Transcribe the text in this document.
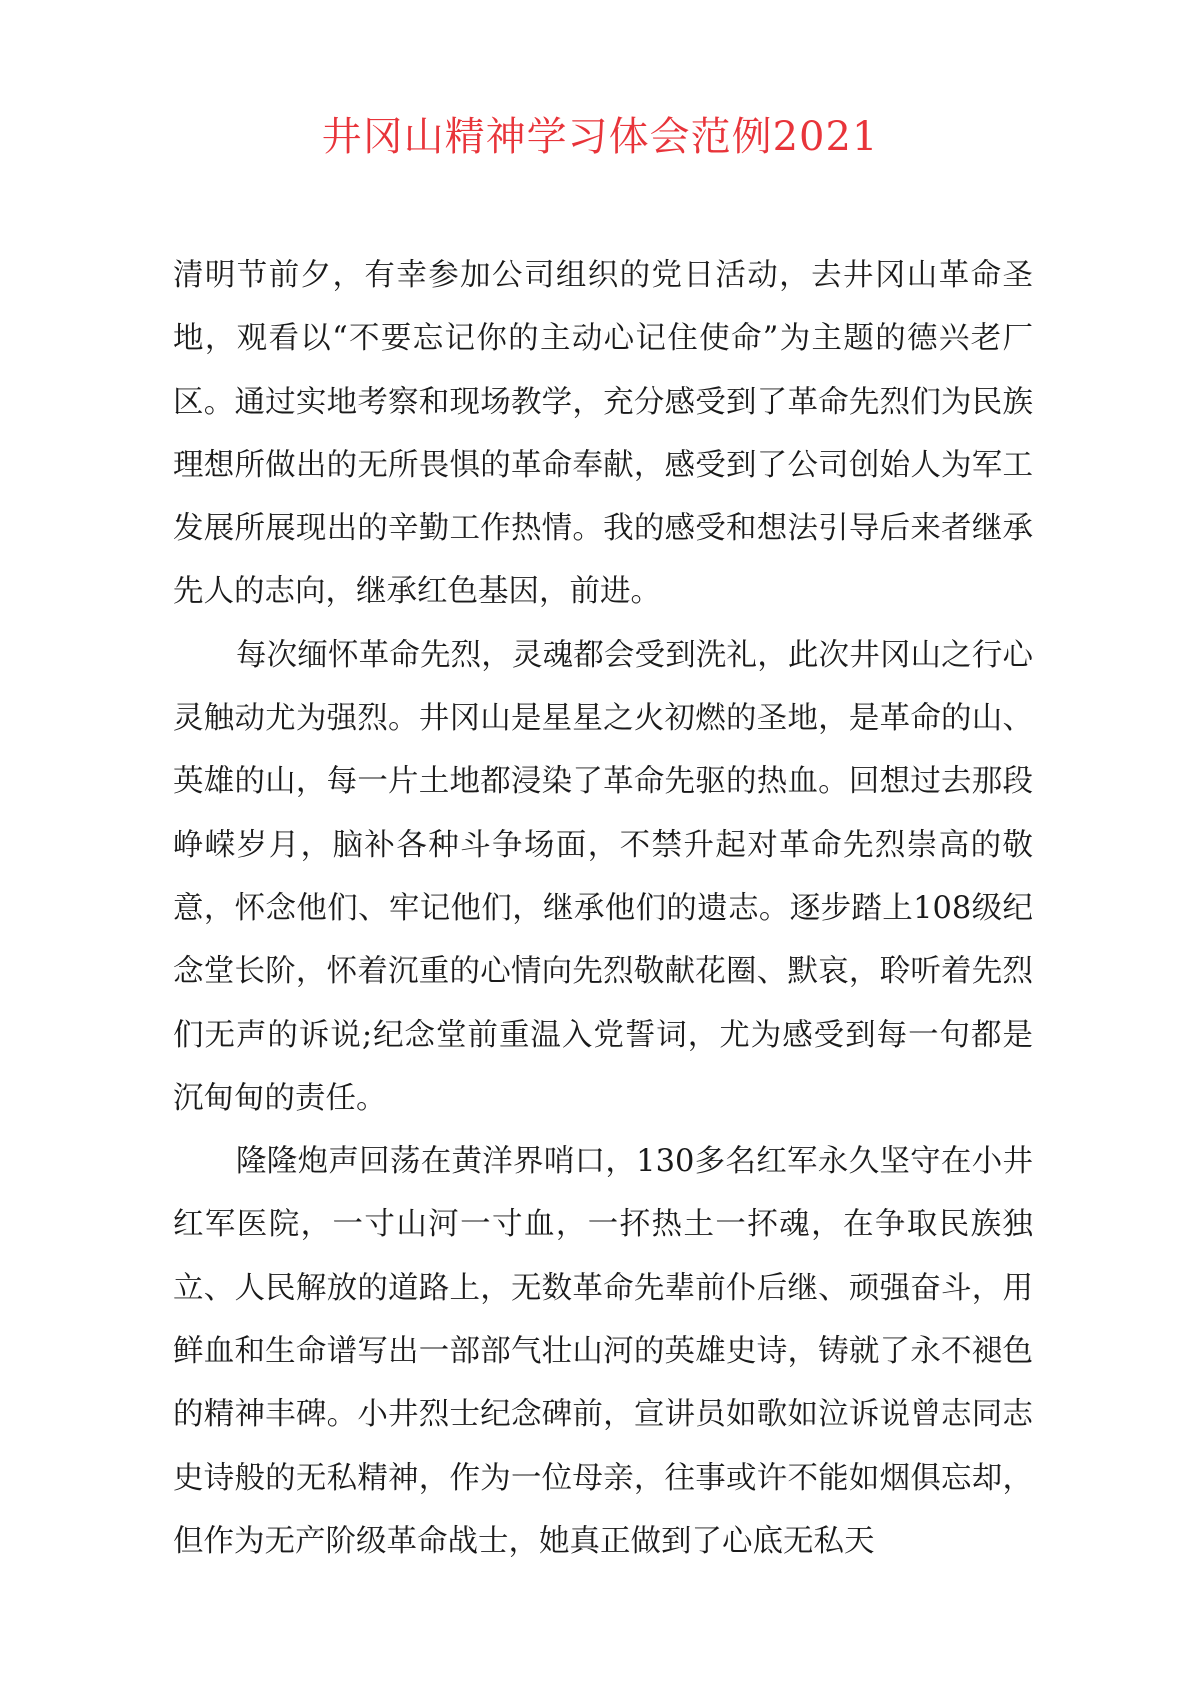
井冈山精神学习体会范例2021

清明节前夕，有幸参加公司组织的党日活动，去井冈山革命圣地，观看以“不要忘记你的主动心记住使命”为主题的德兴老厂区。通过实地考察和现场教学，充分感受到了革命先烈们为民族理想所做出的无所畏惧的革命奉献，感受到了公司创始人为军工发展所展现出的辛勤工作热情。我的感受和想法引导后来者继承先人的志向，继承红色基因，前进。

每次缅怀革命先烈，灵魂都会受到洗礼，此次井冈山之行心灵触动尤为强烈。井冈山是星星之火初燃的圣地，是革命的山、英雄的山，每一片土地都浸染了革命先驱的热血。回想过去那段峥嵘岁月，脑补各种斗争场面，不禁升起对革命先烈崇高的敬意，怀念他们、牢记他们，继承他们的遗志。逐步踏上108级纪念堂长阶，怀着沉重的心情向先烈敬献花圈、默哀，聆听着先烈们无声的诉说;纪念堂前重温入党誓词，尤为感受到每一句都是沉甸甸的责任。

隆隆炮声回荡在黄洋界哨口，130多名红军永久坚守在小井红军医院，一寸山河一寸血，一抔热土一抔魂，在争取民族独立、人民解放的道路上，无数革命先辈前仆后继、顽强奋斗，用鲜血和生命谱写出一部部气壮山河的英雄史诗，铸就了永不褪色的精神丰碑。小井烈士纪念碑前，宣讲员如歌如泣诉说曾志同志史诗般的无私精神，作为一位母亲，往事或许不能如烟俱忘却，但作为无产阶级革命战士，她真正做到了心底无私天
